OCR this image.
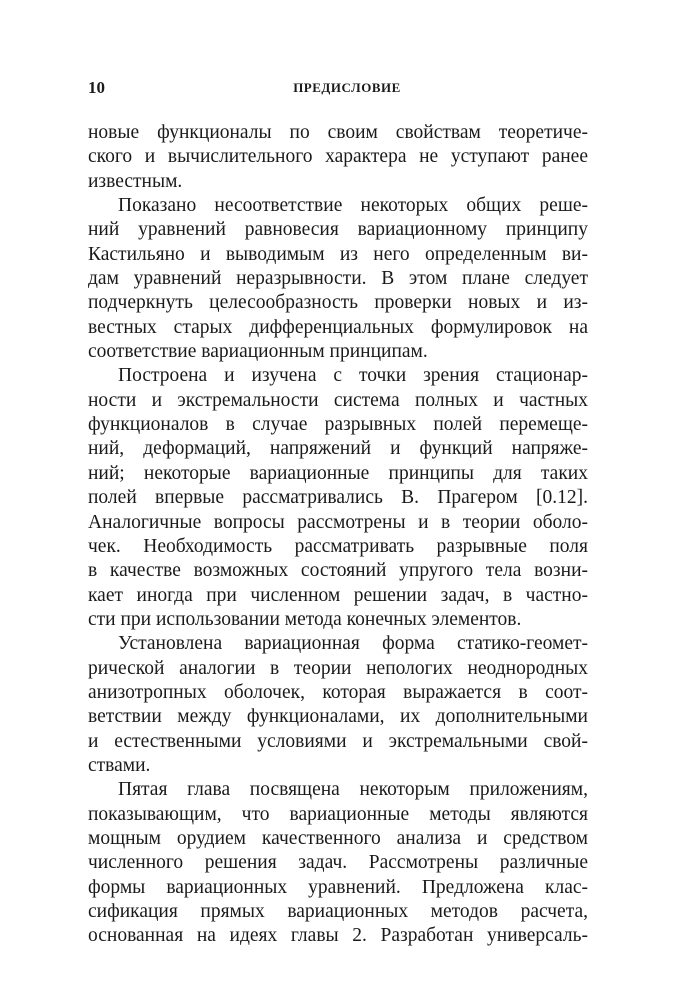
10	ПРЕДИСЛОВИЕ
новые функционалы по своим свойствам теоретиче-
ского и вычислительного характера не уступают ранее
известным.
Показано несоответствие некоторых общих реше-
ний уравнений равновесия вариационному принципу
Кастильяно и выводимым из него определенным ви-
дам уравнений неразрывности. В этом плане следует
подчеркнуть целесообразность проверки новых и из-
вестных старых дифференциальных формулировок на
соответствие вариационным принципам.
Построена и изучена с точки зрения стационар-
ности и экстремальности система полных и частных
функционалов в случае разрывных полей перемеще-
ний, деформаций, напряжений и функций напряже-
ний; некоторые вариационные принципы для таких
полей впервые рассматривались В. Прагером [0.12].
Аналогичные вопросы рассмотрены и в теории оболо-
чек. Необходимость рассматривать разрывные поля
в качестве возможных состояний упругого тела возни-
кает иногда при численном решении задач, в частно-
сти при использовании метода конечных элементов.
Установлена вариационная форма статико-геомет-
рической аналогии в теории непологих неоднородных
анизотропных оболочек, которая выражается в соот-
ветствии между функционалами, их дополнительными
и естественными условиями и экстремальными свой-
ствами.
Пятая глава посвящена некоторым приложениям,
показывающим, что вариационные методы являются
мощным орудием качественного анализа и средством
численного решения задач. Рассмотрены различные
формы вариационных уравнений. Предложена клас-
сификация прямых вариационных методов расчета,
основанная на идеях главы 2. Разработан универсаль-
